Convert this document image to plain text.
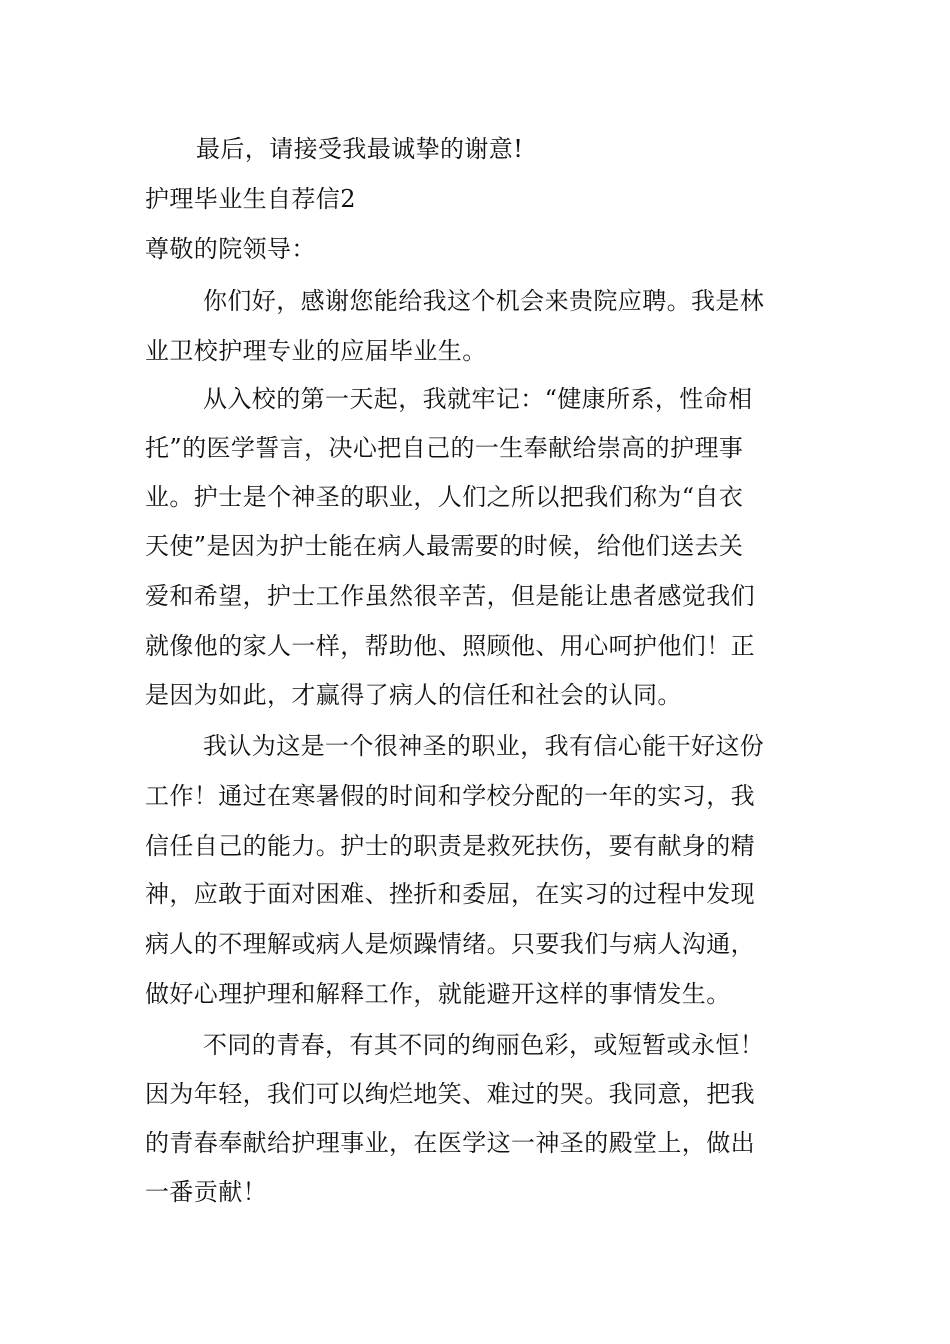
最后，请接受我最诚挚的谢意!
护理毕业生自荐信2
尊敬的院领导：
你们好，感谢您能给我这个机会来贵院应聘。我是林
业卫校护理专业的应届毕业生。
从入校的第一天起，我就牢记：“健康所系，性命相
托”的医学誓言，决心把自己的一生奉献给崇高的护理事
业。护士是个神圣的职业，人们之所以把我们称为“自衣
天使”是因为护士能在病人最需要的时候，给他们送去关
爱和希望，护士工作虽然很辛苦，但是能让患者感觉我们
就像他的家人一样，帮助他、照顾他、用心呵护他们！正
是因为如此，才赢得了病人的信任和社会的认同。
我认为这是一个很神圣的职业，我有信心能干好这份
工作！通过在寒暑假的时间和学校分配的一年的实习，我
信任自己的能力。护士的职责是救死扶伤，要有献身的精
神，应敢于面对困难、挫折和委屈，在实习的过程中发现
病人的不理解或病人是烦躁情绪。只要我们与病人沟通，
做好心理护理和解释工作，就能避开这样的事情发生。
不同的青春，有其不同的绚丽色彩，或短暂或永恒！
因为年轻，我们可以绚烂地笑、难过的哭。我同意，把我
的青春奉献给护理事业，在医学这一神圣的殿堂上，做出
一番贡献！
